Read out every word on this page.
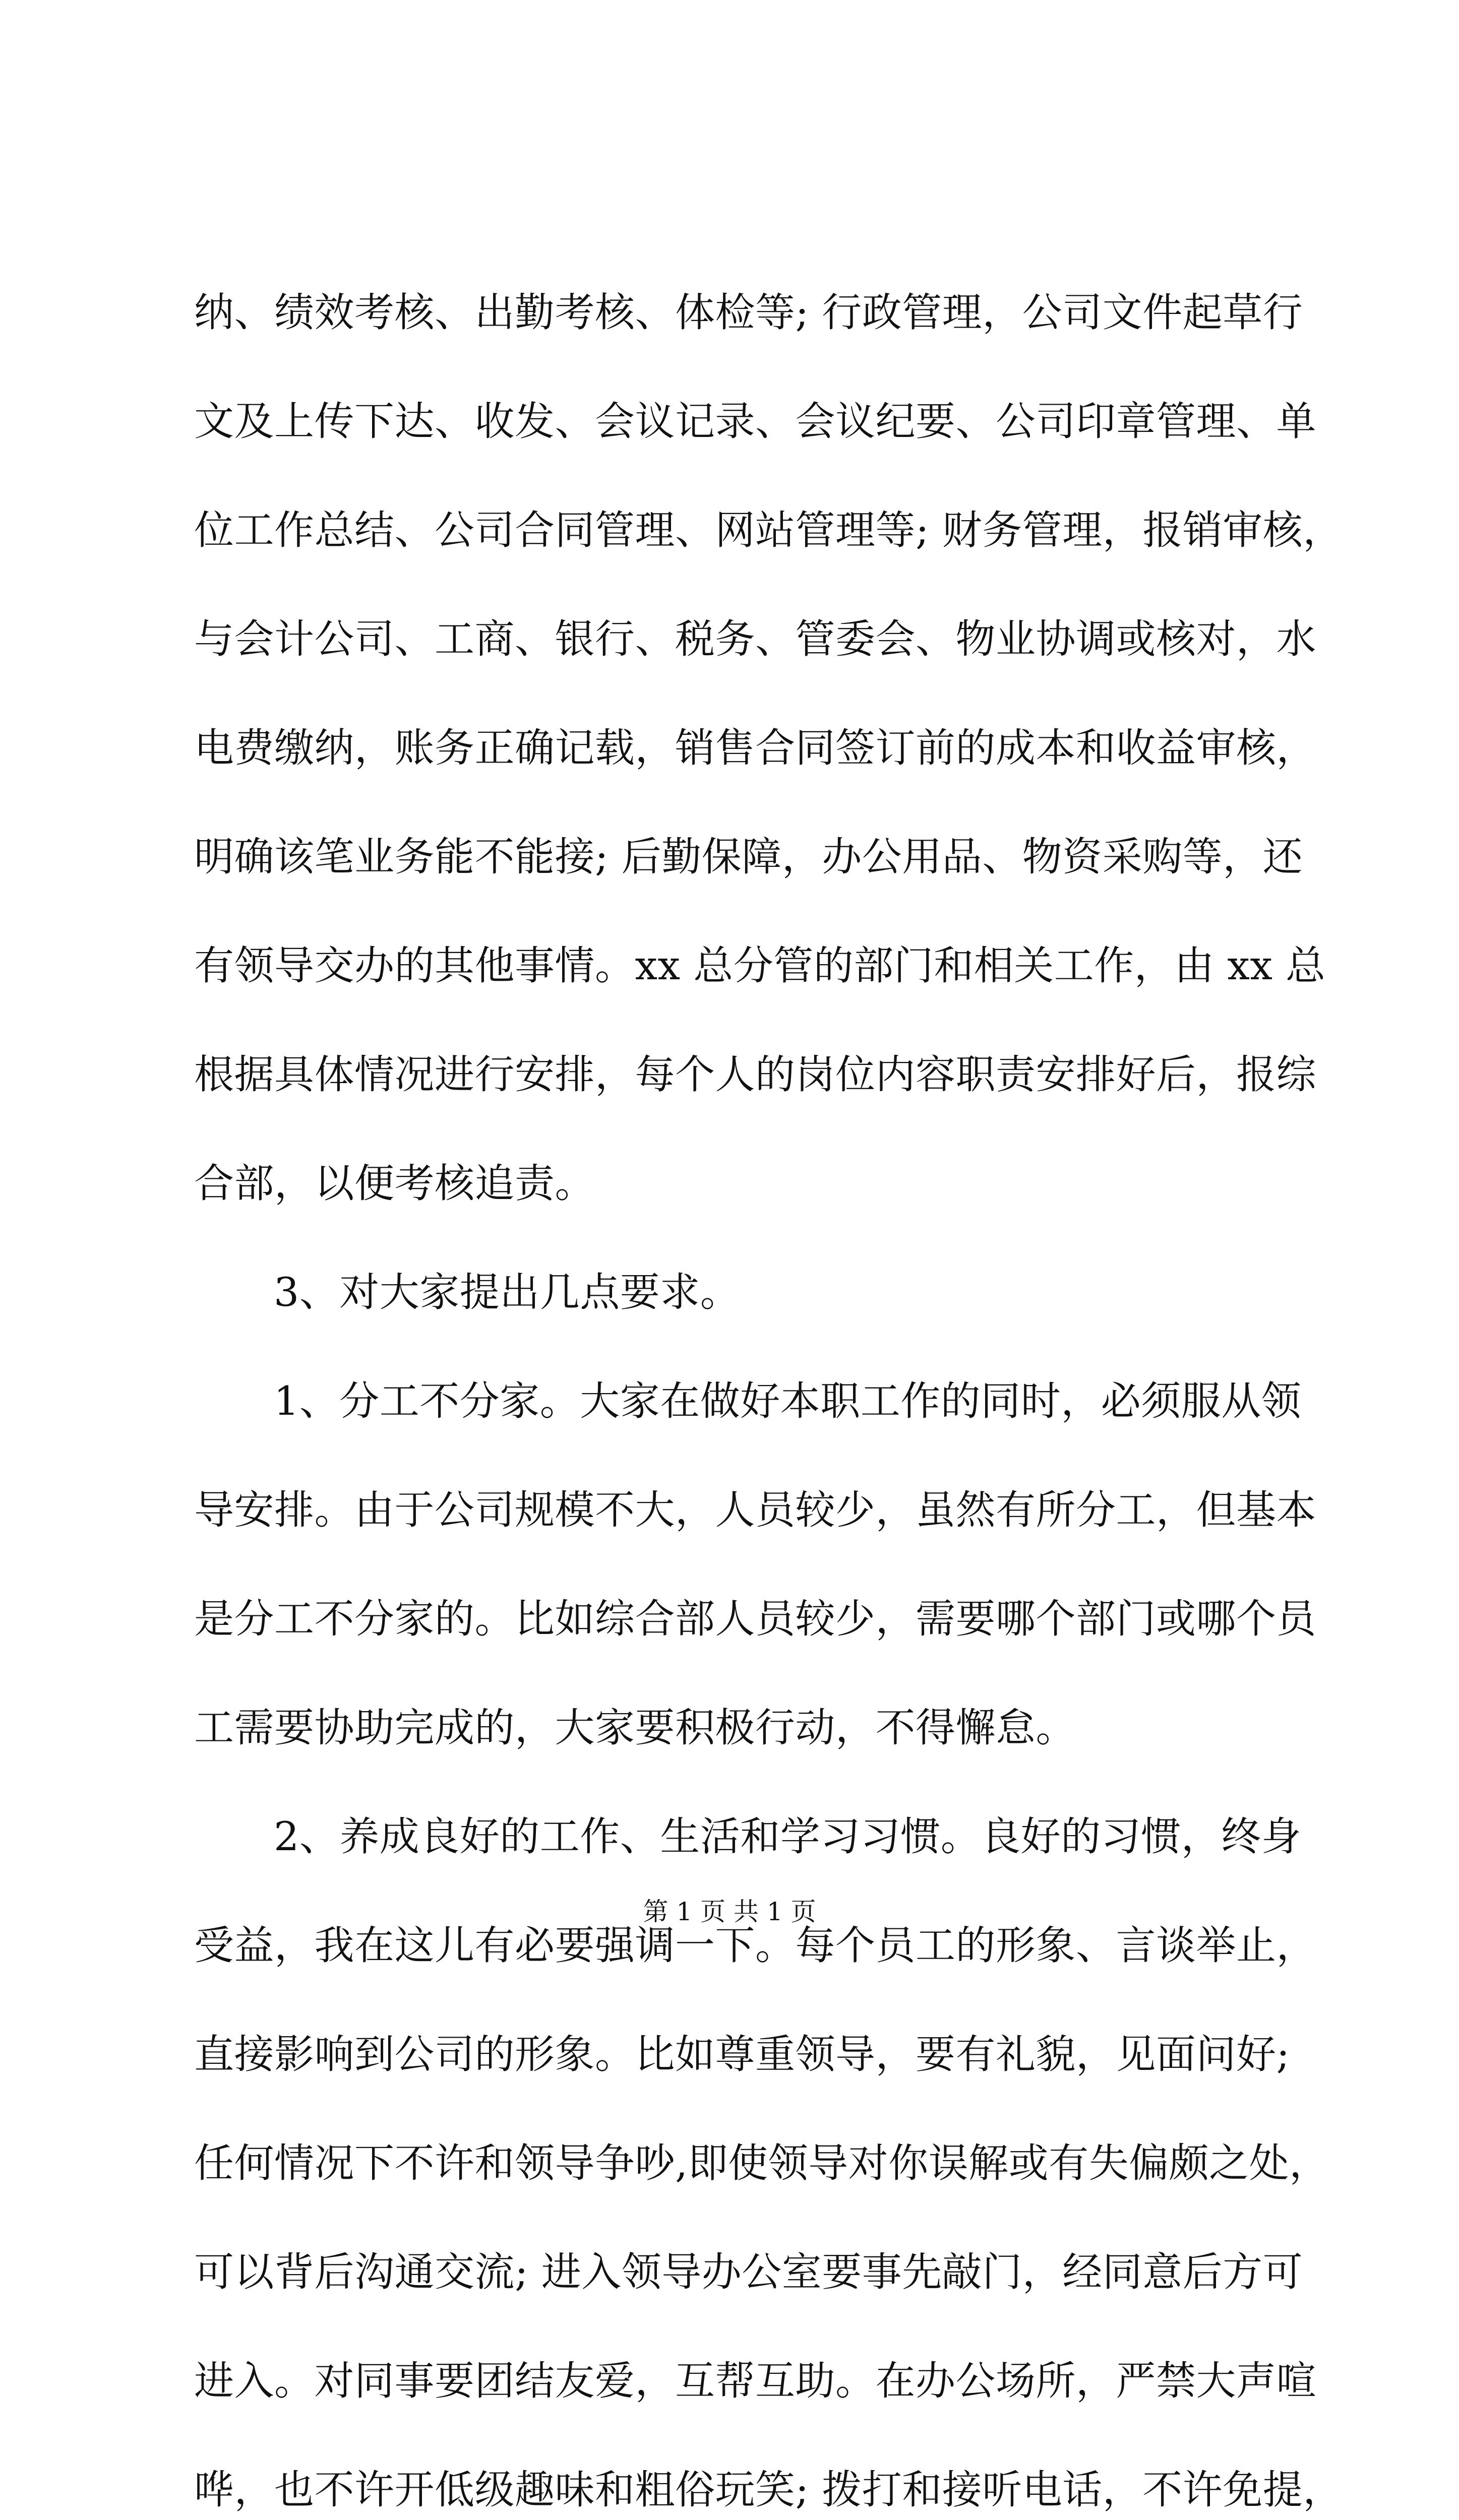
纳、绩效考核、出勤考核、体检等; 行政管理，公司文件起草行
文及上传下达、收发、会议记录、会议纪要、公司印章管理、单
位工作总结、公司合同管理、网站管理等; 财务管理，报销审核，
与会计公司、工商、银行、税务、管委会、物业协调或核对，水
电费缴纳，账务正确记载，销售合同签订前的成本和收益审核，
明确该笔业务能不能接; 后勤保障，办公用品、物资采购等，还
有领导交办的其他事情。xx 总分管的部门和相关工作，由 xx 总
根据具体情况进行安排，每个人的岗位内容职责安排好后，报综
合部，以便考核追责。
3、对大家提出几点要求。
1、分工不分家。大家在做好本职工作的同时，必须服从领
导安排。由于公司规模不大，人员较少，虽然有所分工，但基本
是分工不分家的。比如综合部人员较少，需要哪个部门或哪个员
工需要协助完成的，大家要积极行动，不得懈怠。
2、养成良好的工作、生活和学习习惯。良好的习惯，终身
受益，我在这儿有必要强调一下。每个员工的形象、言谈举止，
直接影响到公司的形象。比如尊重领导，要有礼貌，见面问好;
任何情况下不许和领导争吵,即使领导对你误解或有失偏颇之处，
可以背后沟通交流; 进入领导办公室要事先敲门，经同意后方可
进入。对同事要团结友爱，互帮互助。在办公场所，严禁大声喧
哗，也不许开低级趣味和粗俗玩笑; 拨打和接听电话，不许免提，
第 1 页 共 1 页
